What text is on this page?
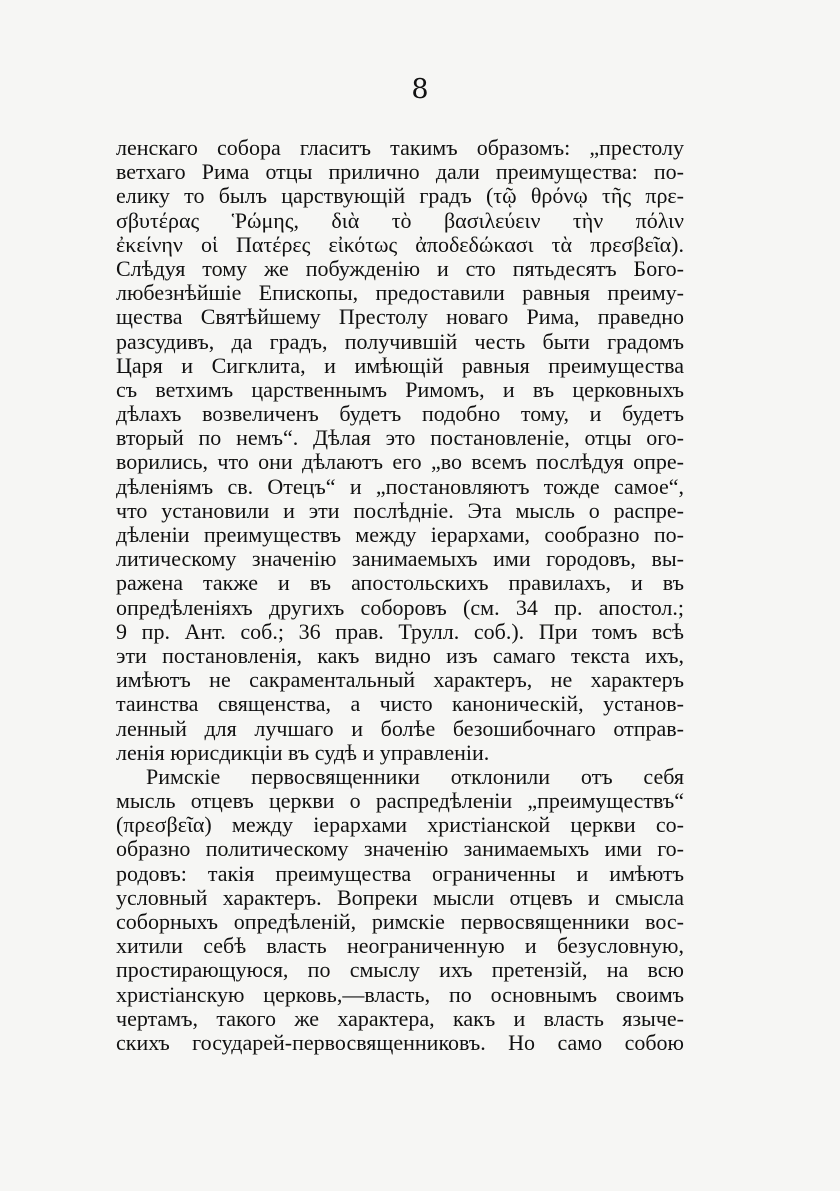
8
ленскаго собора гласитъ такимъ образомъ: „престолу
ветхаго Рима отцы прилично дали преимущества: по-
елику то былъ царствующій градъ (τῷ θρόνῳ τῆς πρε-
σβυτέρας Ῥώμης, διὰ τὸ βασιλεύειν τὴν πόλιν
ἐκείνην οἱ Πατέρες εἰκότως ἀποδεδώκασι τὰ πρεσβεῖα).
Слѣдуя тому же побужденію и сто пятьдесятъ Бого-
любезнѣйшіе Епископы, предоставили равныя преиму-
щества Святѣйшему Престолу новаго Рима, праведно
разсудивъ, да градъ, получившій честь быти градомъ
Царя и Сигклита, и имѣющій равныя преимущества
съ ветхимъ царственнымъ Римомъ, и въ церковныхъ
дѣлахъ возвеличенъ будетъ подобно тому, и будетъ
вторый по немъ“. Дѣлая это постановленіе, отцы ого-
ворились, что они дѣлаютъ его „во всемъ послѣдуя опре-
дѣленіямъ св. Отецъ“ и „постановляютъ тожде самое“,
что установили и эти послѣдніе. Эта мысль о распре-
дѣленіи преимуществъ между іерархами, сообразно по-
литическому значенію занимаемыхъ ими городовъ, вы-
ражена также и въ апостольскихъ правилахъ, и въ
опредѣленіяхъ другихъ соборовъ (см. 34 пр. апостол.;
9 пр. Ант. соб.; 36 прав. Трулл. соб.). При томъ всѣ
эти постановленія, какъ видно изъ самаго текста ихъ,
имѣютъ не сакраментальный характеръ, не характеръ
таинства священства, а чисто каноническій, установ-
ленный для лучшаго и болѣе безошибочнаго отправ-
ленія юрисдикціи въ судѣ и управленіи.
Римскіе первосвященники отклонили отъ себя
мысль отцевъ церкви о распредѣленіи „преимуществъ“
(πρεσβεῖα) между іерархами христіанской церкви со-
образно политическому значенію занимаемыхъ ими го-
родовъ: такія преимущества ограниченны и имѣютъ
условный характеръ. Вопреки мысли отцевъ и смысла
соборныхъ опредѣленій, римскіе первосвященники вос-
хитили себѣ власть неограниченную и безусловную,
простирающуюся, по смыслу ихъ претензій, на всю
христіанскую церковь,—власть, по основнымъ своимъ
чертамъ, такого же характера, какъ и власть языче-
скихъ государей-первосвященниковъ. Но само собою
